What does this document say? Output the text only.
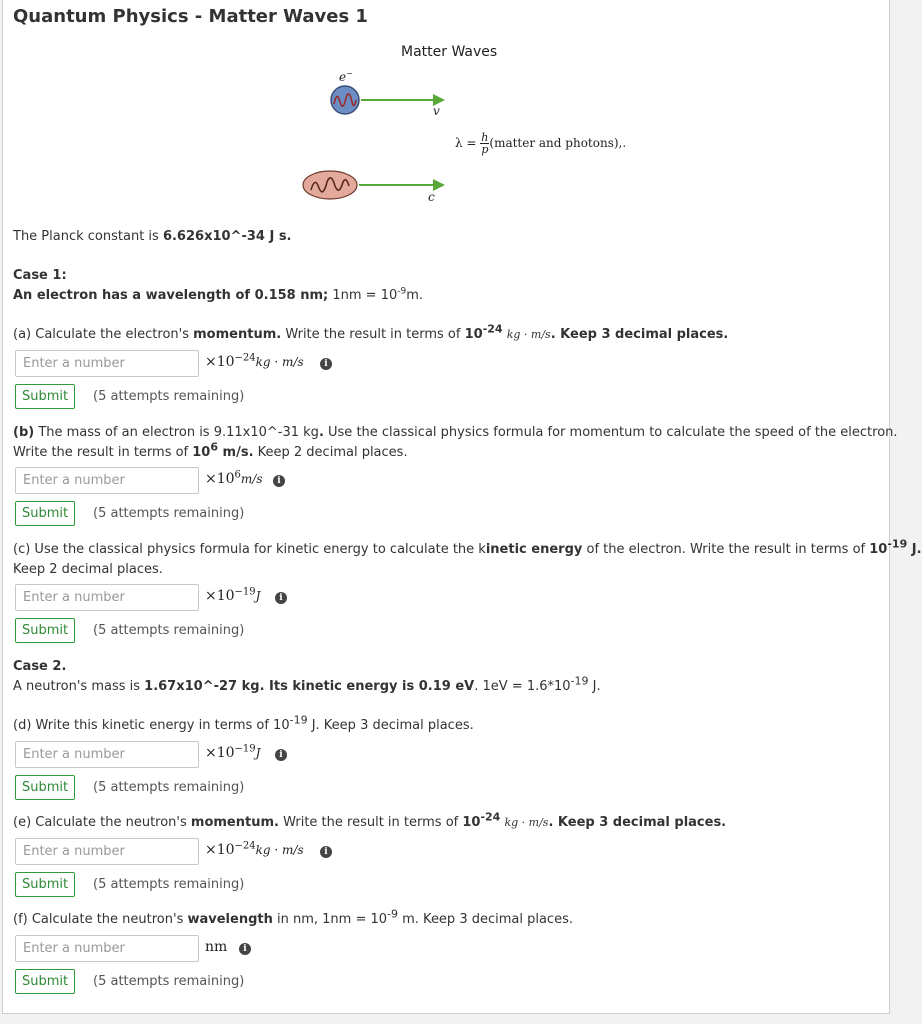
Quantum Physics - Matter Waves 1
Matter Waves
e−
v
c
$\lambda = \frac{h}{p}$ (matter and photons),.
The Planck constant is 6.626x10^-34 J s.
Case 1:
An electron has a wavelength of 0.158 nm; $1nm = 10^{-9}m$.
(a) Calculate the electron's momentum. Write the result in terms of $10^{-24}$ kg · m/s. Keep 3 decimal places.
Enter a number	$\times 10^{-24}kg \cdot m/s$	i
Submit	(5 attempts remaining)
(b) The mass of an electron is 9.11x10^-31 kg. Use the classical physics formula for momentum to calculate the speed of the electron.
Write the result in terms of $10^6$ m/s. Keep 2 decimal places.
Enter a number	$\times 10^6m/s$	i
Submit	(5 attempts remaining)
(c) Use the classical physics formula for kinetic energy to calculate the kinetic energy of the electron. Write the result in terms of $10^{-19}$ J.
Keep 2 decimal places.
Enter a number	$\times 10^{-19}J$	i
Submit	(5 attempts remaining)
Case 2.
A neutron's mass is 1.67x10^-27 kg. Its kinetic energy is 0.19 eV. $1eV = 1.6*10^{-19}$ J.
(d) Write this kinetic energy in terms of $10^{-19}$ J. Keep 3 decimal places.
Enter a number	$\times 10^{-19}J$	i
Submit	(5 attempts remaining)
(e) Calculate the neutron's momentum. Write the result in terms of $10^{-24}$ kg · m/s. Keep 3 decimal places.
Enter a number	$\times 10^{-24}kg \cdot m/s$	i
Submit	(5 attempts remaining)
(f) Calculate the neutron's wavelength in nm, $1nm = 10^{-9}$ m. Keep 3 decimal places.
Enter a number	nm	i
Submit	(5 attempts remaining)
